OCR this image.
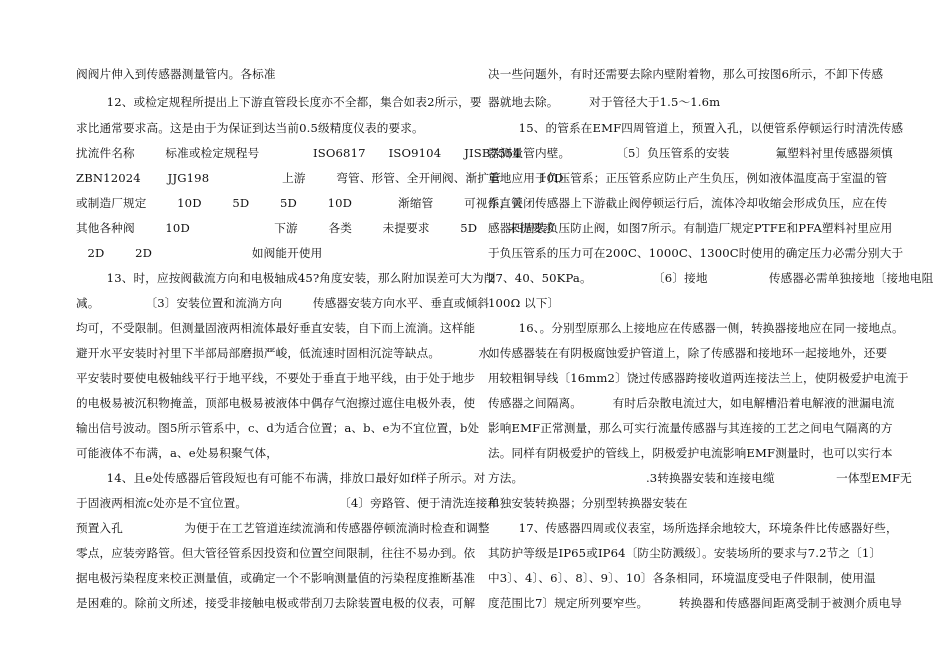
阀阀片伸入到传感器测量管内。各标准
12、或检定规程所提出上下游直管段长度亦不全都，集合如表2所示，要
求比通常要求高。这是由于为保证到达当前0.5级精度仪表的要求。
扰流件名称        标准或检定规程号              ISO6817      ISO9104      JISB7554
ZBN12024       JJG198                   上游        弯管、形管、全开闸阀、渐扩管          10D
或制造厂规定        10D        5D        5D        10D            渐缩管        可视作直管
其他各种阀        10D                      下游        各类        未提要求        5D        未提要求
2D        2D                          如阀能开使用
13、时，应按阀截流方向和电极轴成45?角度安装，那么附加误差可大为削
减。            〔3〕安装位置和流淌方向        传感器安装方向水平、垂直或倾斜
均可，不受限制。但测量固液两相流体最好垂直安装，自下而上流淌。这样能
避开水平安装时衬里下半部局部磨损严峻，低流速时固相沉淀等缺点。          水
平安装时要使电极轴线平行于地平线，不要处于垂直于地平线，由于处于地步
的电极易被沉积物掩盖，顶部电极易被液体中偶存气泡擦过遮住电极外表，使
输出信号波动。图5所示管系中，c、d为适合位置；a、b、e为不宜位置，b处
可能液体不布满，a、e处易积聚气体，
14、且e处传感器后管段短也有可能不布满，排放口最好如f样子所示。对
于固液两相流c处亦是不宜位置。                        〔4〕旁路管、便于清洗连接和
预置入孔                为便于在工艺管道连续流淌和传感器停顿流淌时检查和调整
零点，应装旁路管。但大管径管系因投资和位置空间限制，往往不易办到。依
据电极污染程度来校正测量值，或确定一个不影响测量值的污染程度推断基准
是困难的。除前文所述，接受非接触电极或带刮刀去除装置电极的仪表，可解
决一些问题外，有时还需要去除内壁附着物，那么可按图6所示，不卸下传感
器就地去除。        对于管径大于1.5～1.6m
15、的管系在EMF四周管道上，预置入孔，以便管系停顿运行时清洗传感
器测量管内壁。            〔5〕负压管系的安装            氟塑料衬里传感器须慎
重地应用于负压管系；正压管系应防止产生负压，例如液体温度高于室温的管
系，关闭传感器上下游截止阀停顿运行后，流体冷却收缩会形成负压，应在传
感器四周装负压防止阀，如图7所示。有制造厂规定PTFE和PFA塑料衬里应用
于负压管系的压力可在200C、1000C、1300C时使用的确定压力必需分别大于
27、40、50KPa。                〔6〕接地                传感器必需单独接地〔接地电阻
100Ω 以下〕
16、。分别型原那么上接地应在传感器一侧，转换器接地应在同一接地点。
如传感器装在有阴极腐蚀爱护管道上，除了传感器和接地环一起接地外，还要
用较粗铜导线〔16mm2〕饶过传感器跨接收道两连接法兰上，使阴极爱护电流于
传感器之间隔离。        有时后杂散电流过大，如电解槽沿着电解液的泄漏电流
影响EMF正常测量，那么可实行流量传感器与其连接的工艺之间电气隔离的方
法。同样有阴极爱护的管线上，阴极爱护电流影响EMF测量时，也可以实行本
方法。                                .3转换器安装和连接电缆                一体型EMF无
单独安装转换器；分别型转换器安装在
17、传感器四周或仪表室，场所选择余地较大，环境条件比传感器好些，
其防护等级是IP65或IP64〔防尘防溅级〕。安装场所的要求与7.2节之〔1〕
中3〕、4〕、6〕、8〕、9〕、10〕各条相同，环境温度受电子件限制，使用温
度范围比7〕规定所列要窄些。        转换器和传感器间距离受制于被测介质电导
